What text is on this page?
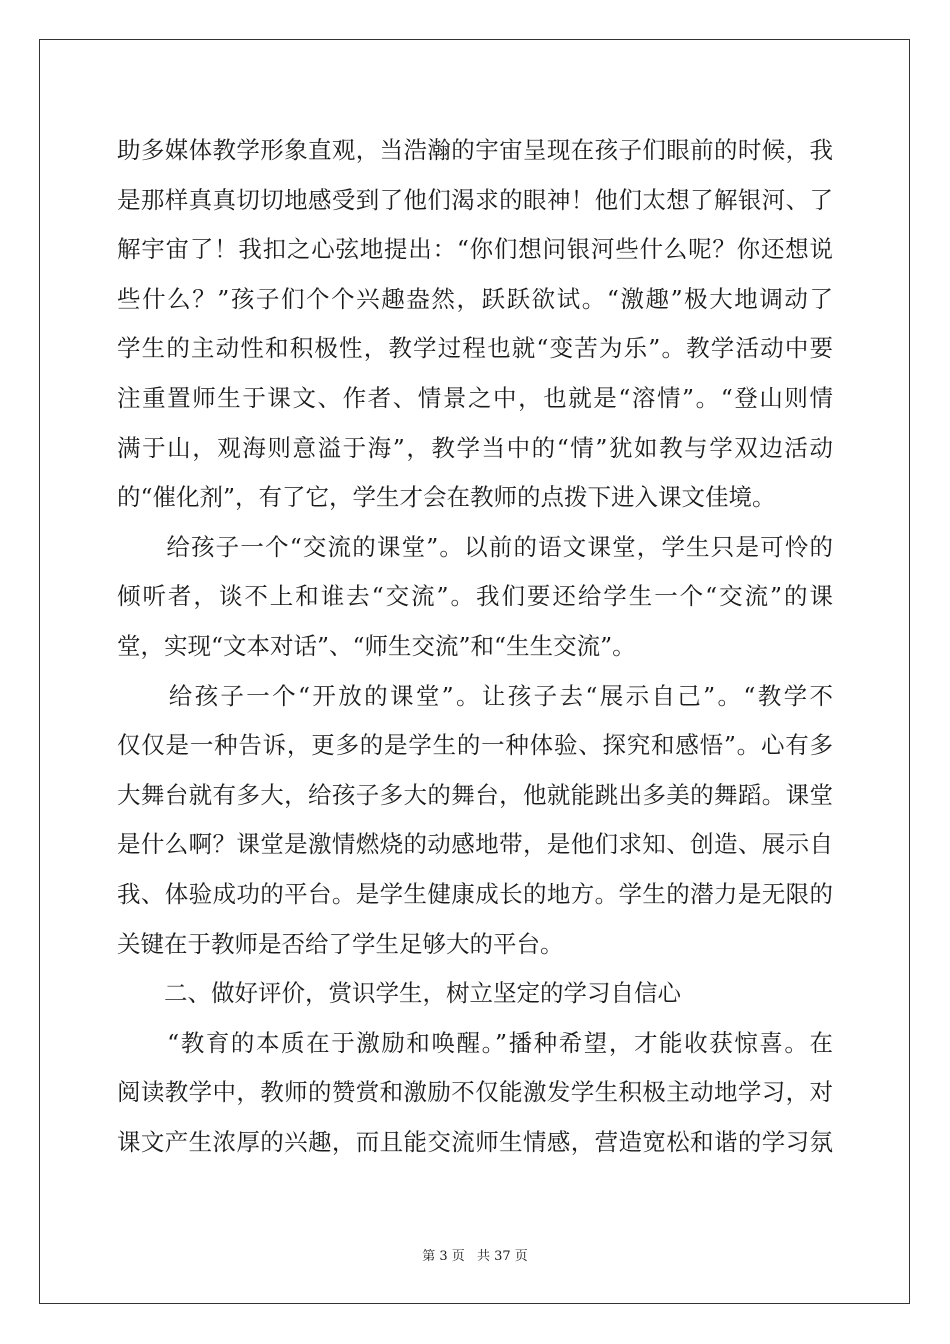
助多媒体教学形象直观，当浩瀚的宇宙呈现在孩子们眼前的时候，我
是那样真真切切地感受到了他们渴求的眼神！他们太想了解银河、了
解宇宙了！我扣之心弦地提出：“你们想问银河些什么呢？你还想说
些什么？”孩子们个个兴趣盎然，跃跃欲试。“激趣”极大地调动了
学生的主动性和积极性，教学过程也就“变苦为乐”。教学活动中要
注重置师生于课文、作者、情景之中，也就是“溶情”。“登山则情
满于山，观海则意溢于海”，教学当中的“情”犹如教与学双边活动
的“催化剂”，有了它，学生才会在教师的点拨下进入课文佳境。
　　给孩子一个“交流的课堂”。以前的语文课堂，学生只是可怜的
倾听者，谈不上和谁去“交流”。我们要还给学生一个“交流”的课
堂，实现“文本对话”、“师生交流”和“生生交流”。
　　给孩子一个“开放的课堂”。让孩子去“展示自己”。“教学不
仅仅是一种告诉，更多的是学生的一种体验、探究和感悟”。心有多
大舞台就有多大，给孩子多大的舞台，他就能跳出多美的舞蹈。课堂
是什么啊？课堂是激情燃烧的动感地带，是他们求知、创造、展示自
我、体验成功的平台。是学生健康成长的地方。学生的潜力是无限的
关键在于教师是否给了学生足够大的平台。
　　二、做好评价，赏识学生，树立坚定的学习自信心
　　“教育的本质在于激励和唤醒。”播种希望，才能收获惊喜。在
阅读教学中，教师的赞赏和激励不仅能激发学生积极主动地学习，对
课文产生浓厚的兴趣，而且能交流师生情感，营造宽松和谐的学习氛
第 3 页 共 37 页
